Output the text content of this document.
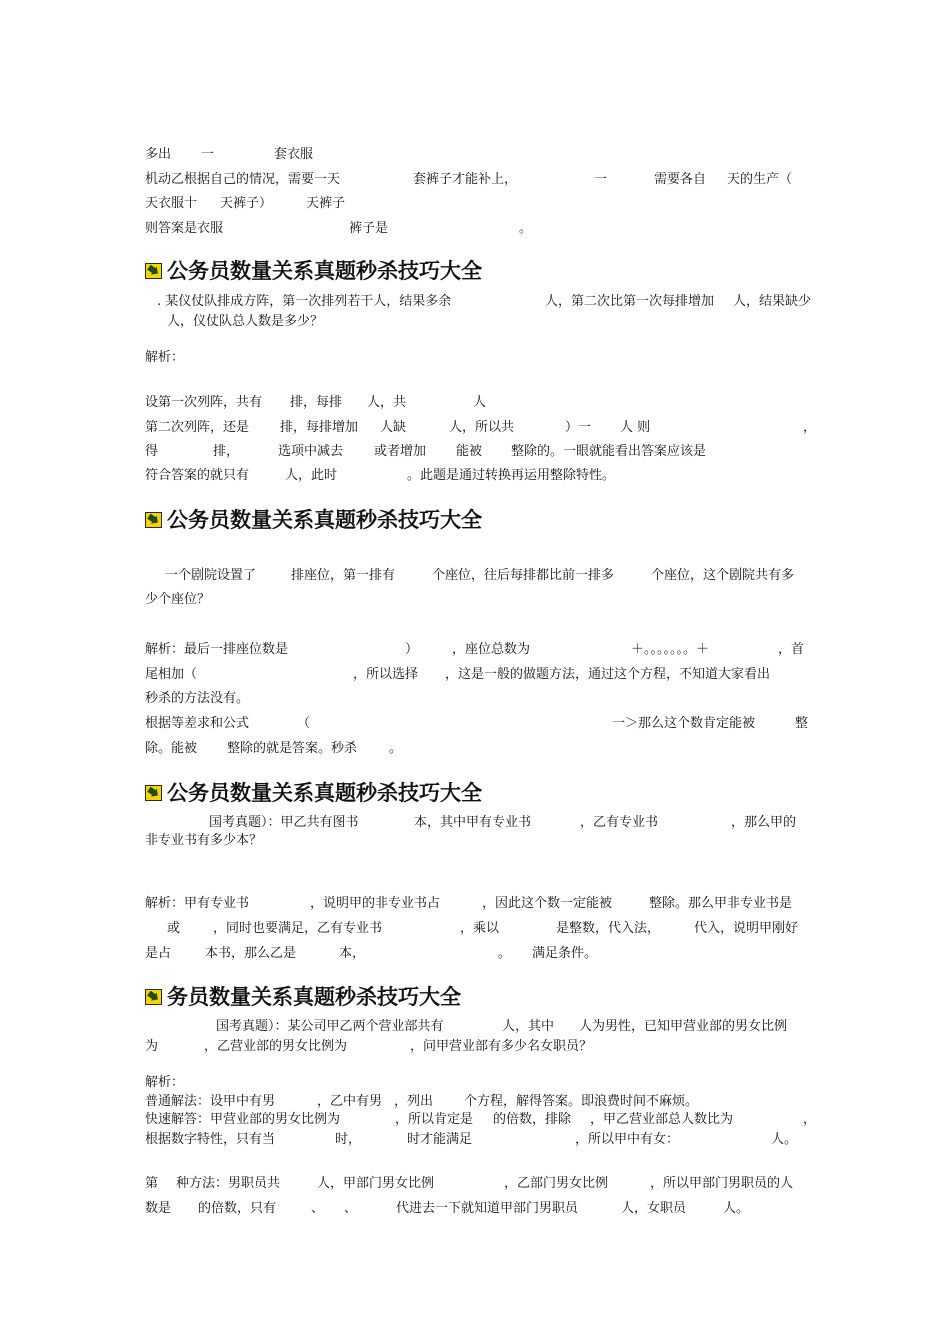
多出 一	套衣服
机动乙根据自己的情况，需要一天	套裤子才能补上，	一	需要各自 天的生产（
天衣服十 天裤子）	天裤子
则答案是衣服	裤子是	。
公务员数量关系真题秒杀技巧大全
. 某仪仗队排成方阵，第一次排列若干人，结果多余	人，第二次比第一次每排增加 人，结果缺少
人，仪仗队总人数是多少？
解析：
设第一次列阵，共有 排，每排 人，共	人
第二次列阵，还是 排，每排增加 人缺	人，所以共	）一 人 则	，
得	排，	选项中减去 或者增加 能被 整除的。一眼就能看出答案应该是
符合答案的就只有	人，此时	。此题是通过转换再运用整除特性。
公务员数量关系真题秒杀技巧大全
一个剧院设置了	排座位，第一排有	个座位，往后每排都比前一排多	个座位，这个剧院共有多
少个座位？
解析：最后一排座位数是	）	，座位总数为	＋。。。。。。。＋	，首
尾相加（	，所以选择 ，这是一般的做题方法，通过这个方程，不知道大家看出
秒杀的方法没有。
根据等差求和公式	（	一＞那么这个数肯定能被	整
除。能被 整除的就是答案。秒杀 。
公务员数量关系真题秒杀技巧大全
国考真题）：甲乙共有图书	本，其中甲有专业书	，乙有专业书	，那么甲的
非专业书有多少本？
解析：甲有专业书	，说明甲的非专业书占	，因此这个数一定能被	整除。那么甲非专业书是
或	，同时也要满足，乙有专业书	，乘以	是整数，代入法，	代入，说明甲刚好
是占	本书，那么乙是	本，	。 满足条件。
务员数量关系真题秒杀技巧大全
国考真题）：某公司甲乙两个营业部共有	人，其中 人为男性，已知甲营业部的男女比例
为	，乙营业部的男女比例为	，问甲营业部有多少名女职员？
解析：
普通解法：设甲中有男	，乙中有男 ，列出 个方程，解得答案。即浪费时间不麻烦。
快速解答：甲营业部的男女比例为	，所以肯定是 的倍数，排除 ，甲乙营业部总人数比为	，
根据数字特性，只有当	时，	时才能满足	，所以甲中有女：	人。
第 种方法：男职员共	人，甲部门男女比例	，乙部门男女比例	，所以甲部门男职员的人
数是 的倍数，只有	、 、	代进去一下就知道甲部门男职员	人，女职员	人。
